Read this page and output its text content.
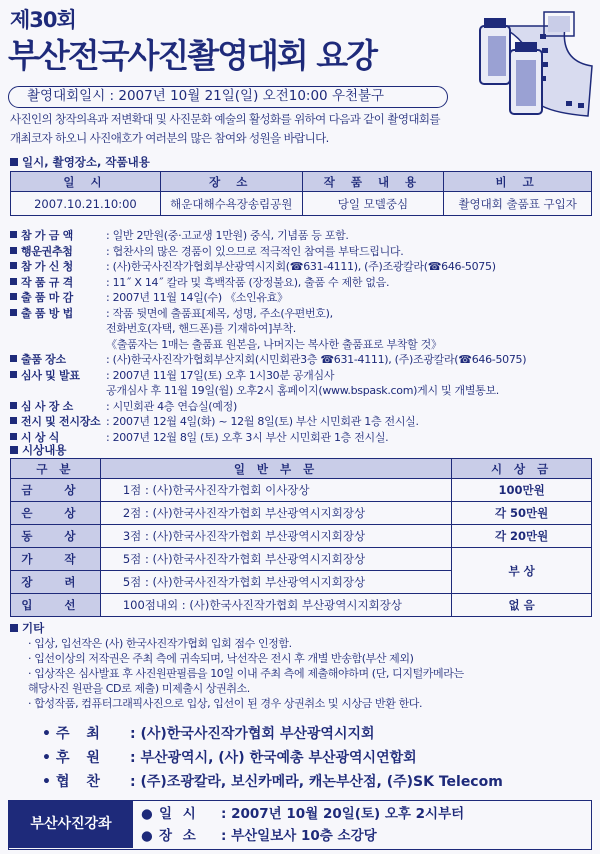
제30회
부산전국사진촬영대회 요강
촬영대회일시 : 2007년 10월 21일(일) 오전10:00 우천불구
사진인의 창작의욕과 저변확대 및 사진문화 예술의 활성화를 위하여 다음과 같이 촬영대회를
개최코자 하오니 사진애호가 여러분의 많은 참여와 성원을 바랍니다.
일시, 촬영장소, 작품내용
일 시	장 소	작 품 내 용	비 고
2007.10.21.10:00	해운대해수욕장송림공원	당일 모델중심	촬영대회 출품표 구입자
참 가 금 액	: 일반 2만원(중·고교생 1만원) 중식, 기념품 등 포함.
행운권추첨	: 협찬사의 많은 경품이 있으므로 적극적인 참여를 부탁드립니다.
참 가 신 청	: (사)한국사진작가협회부산광역시지회(☎631-4111), (주)조광칼라(☎646-5075)
작 품 규 격	: 11˝ X 14˝ 칼라 및 흑백작품 (장정불요), 출품 수 제한 없음.
출 품 마 감	: 2007년 11월 14일(수) 《소인유효》
출 품 방 법	: 작품 뒷면에 출품표[제목, 성명, 주소(우편번호),
전화번호(자택, 핸드폰)를 기재하여]부착.
《출품자는 1매는 출품표 원본을, 나머지는 복사한 출품표로 부착할 것》
출품 장소	: (사)한국사진작가협회부산지회(시민회관3층 ☎631-4111), (주)조광칼라(☎646-5075)
심사 및 발표	: 2007년 11월 17일(토) 오후 1시30분 공개심사
공개심사 후 11월 19일(월) 오후2시 홈페이지(www.bspask.com)게시 및 개별통보.
심 사 장 소	: 시민회관 4층 연습실(예정)
전시 및 전시장소 : 2007년 12월 4일(화) ~ 12월 8일(토) 부산 시민회관 1층 전시실.
시 상 식	: 2007년 12월 8일 (토) 오후 3시 부산 시민회관 1층 전시실.
시상내용
구 분	일 반 부 문	시 상 금
금 상	1점 : (사)한국사진작가협회 이사장상	100만원
은 상	2점 : (사)한국사진작가협회 부산광역시지회장상	각 50만원
동 상	3점 : (사)한국사진작가협회 부산광역시지회장상	각 20만원
가 작	5점 : (사)한국사진작가협회 부산광역시지회장상	부 상
장 려	5점 : (사)한국사진작가협회 부산광역시지회장상	
입 선	100점내외 : (사)한국사진작가협회 부산광역시지회장상	없 음
기타
· 입상, 입선작은 (사) 한국사진작가협회 입회 점수 인정함.
· 입선이상의 저작권은 주최 측에 귀속되며, 낙선작은 전시 후 개별 반송함(부산 제외)
· 입상작은 심사발표 후 사진원판필름을 10일 이내 주최 측에 제출해야하며 (단, 디지털카메라는
해당사진 원판을 CD로 제출) 미제출시 상권취소.
· 합성작품, 컴퓨터그래픽사진으로 입상, 입선이 된 경우 상권취소 및 시상금 반환 한다.
• 주 최	: (사)한국사진작가협회 부산광역시지회
• 후 원	: 부산광역시, (사) 한국예총 부산광역시연합회
• 협 찬	: (주)조광칼라, 보신카메라, 캐논부산점, (주)SK Telecom
부산사진강좌
● 일 시	: 2007년 10월 20일(토) 오후 2시부터
● 장 소	: 부산일보사 10층 소강당
